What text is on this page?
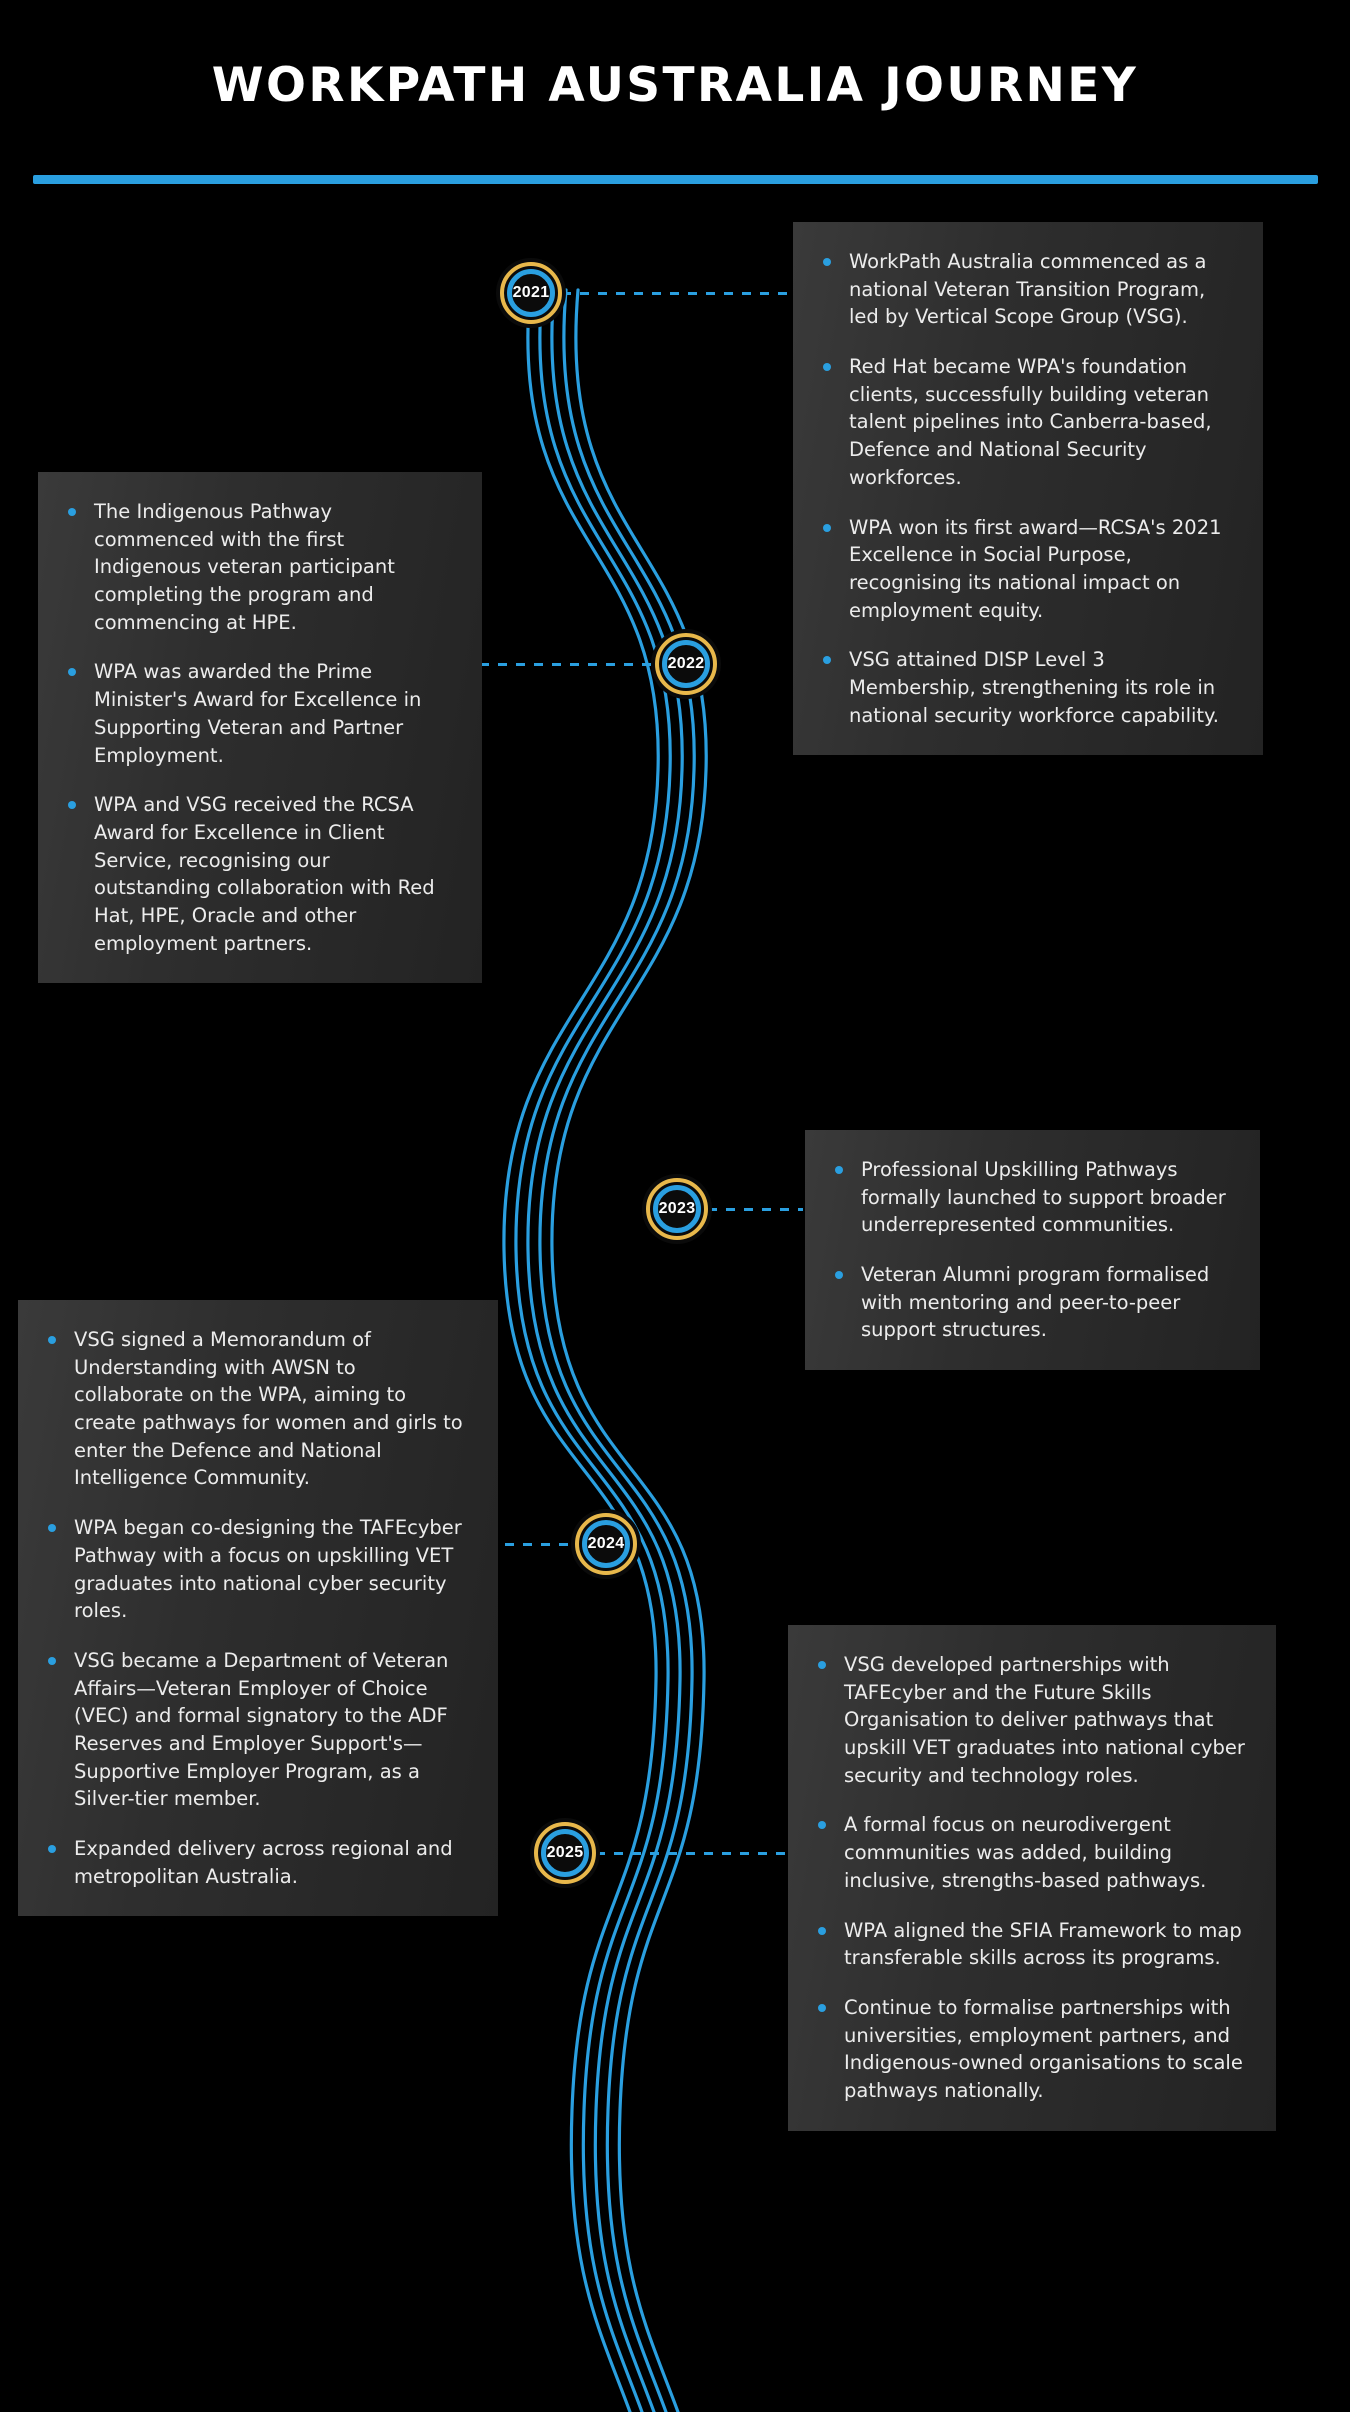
WORKPATH AUSTRALIA JOURNEY
2021
2022
2023
2024
2025
WorkPath Australia commenced as a national Veteran Transition Program, led by Vertical Scope Group (VSG).
Red Hat became WPA's foundation clients, successfully building veteran talent pipelines into Canberra-based, Defence and National Security workforces.
WPA won its first award—RCSA's 2021 Excellence in Social Purpose, recognising its national impact on employment equity.
VSG attained DISP Level 3 Membership, strengthening its role in national security workforce capability.
The Indigenous Pathway commenced with the first Indigenous veteran participant completing the program and commencing at HPE.
WPA was awarded the Prime Minister's Award for Excellence in Supporting Veteran and Partner Employment.
WPA and VSG received the RCSA Award for Excellence in Client Service, recognising our outstanding collaboration with Red Hat, HPE, Oracle and other employment partners.
Professional Upskilling Pathways formally launched to support broader underrepresented communities.
Veteran Alumni program formalised with mentoring and peer-to-peer support structures.
VSG signed a Memorandum of Understanding with AWSN to collaborate on the WPA, aiming to create pathways for women and girls to enter the Defence and National Intelligence Community.
WPA began co-designing the TAFEcyber Pathway with a focus on upskilling VET graduates into national cyber security roles.
VSG became a Department of Veteran Affairs—Veteran Employer of Choice (VEC) and formal signatory to the ADF Reserves and Employer Support's—Supportive Employer Program, as a Silver-tier member.
Expanded delivery across regional and metropolitan Australia.
VSG developed partnerships with TAFEcyber and the Future Skills Organisation to deliver pathways that upskill VET graduates into national cyber security and technology roles.
A formal focus on neurodivergent communities was added, building inclusive, strengths-based pathways.
WPA aligned the SFIA Framework to map transferable skills across its programs.
Continue to formalise partnerships with universities, employment partners, and Indigenous-owned organisations to scale pathways nationally.
